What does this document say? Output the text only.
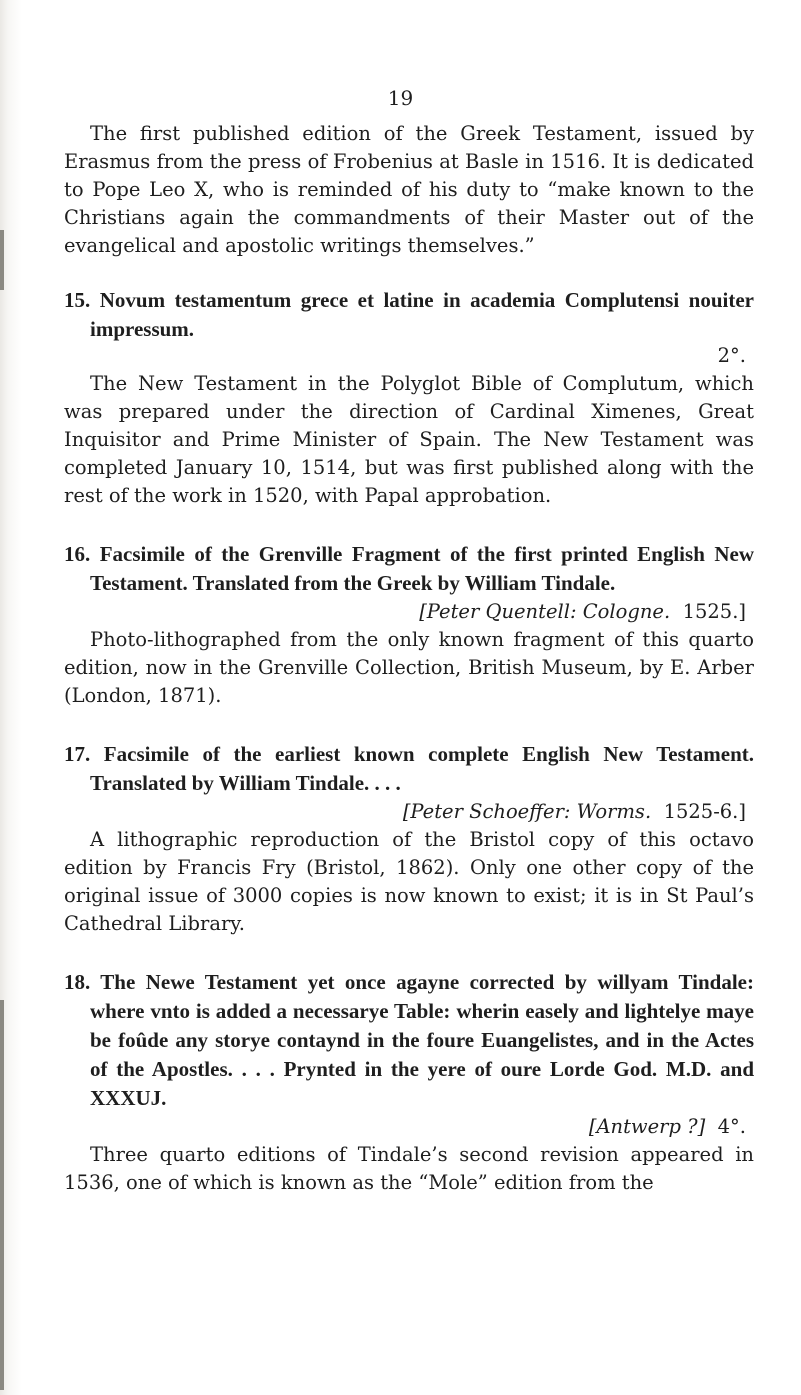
19

The first published edition of the Greek Testament, issued by Erasmus from the press of Frobenius at Basle in 1516. It is dedicated to Pope Leo X, who is reminded of his duty to “make known to the Christians again the commandments of their Master out of the evangelical and apostolic writings themselves.”

15. Novum testamentum grece et latine in academia Complutensi nouiter impressum.

2°.

The New Testament in the Polyglot Bible of Complutum, which was prepared under the direction of Cardinal Ximenes, Great Inquisitor and Prime Minister of Spain. The New Testament was completed January 10, 1514, but was first published along with the rest of the work in 1520, with Papal approbation.

16. Facsimile of the Grenville Fragment of the first printed English New Testament. Translated from the Greek by William Tindale.

[Peter Quentell: Cologne. 1525.]

Photo-lithographed from the only known fragment of this quarto edition, now in the Grenville Collection, British Museum, by E. Arber (London, 1871).

17. Facsimile of the earliest known complete English New Testament. Translated by William Tindale. . . .

[Peter Schoeffer: Worms. 1525-6.]

A lithographic reproduction of the Bristol copy of this octavo edition by Francis Fry (Bristol, 1862). Only one other copy of the original issue of 3000 copies is now known to exist; it is in St Paul’s Cathedral Library.

18. The Newe Testament yet once agayne corrected by willyam Tindale: where vnto is added a necessarye Table: wherin easely and lightelye maye be foûde any storye contaynd in the foure Euangelistes, and in the Actes of the Apostles. . . . Prynted in the yere of oure Lorde God. M.D. and XXXUJ.

[Antwerp ?] 4°.

Three quarto editions of Tindale’s second revision appeared in 1536, one of which is known as the “Mole” edition from the
